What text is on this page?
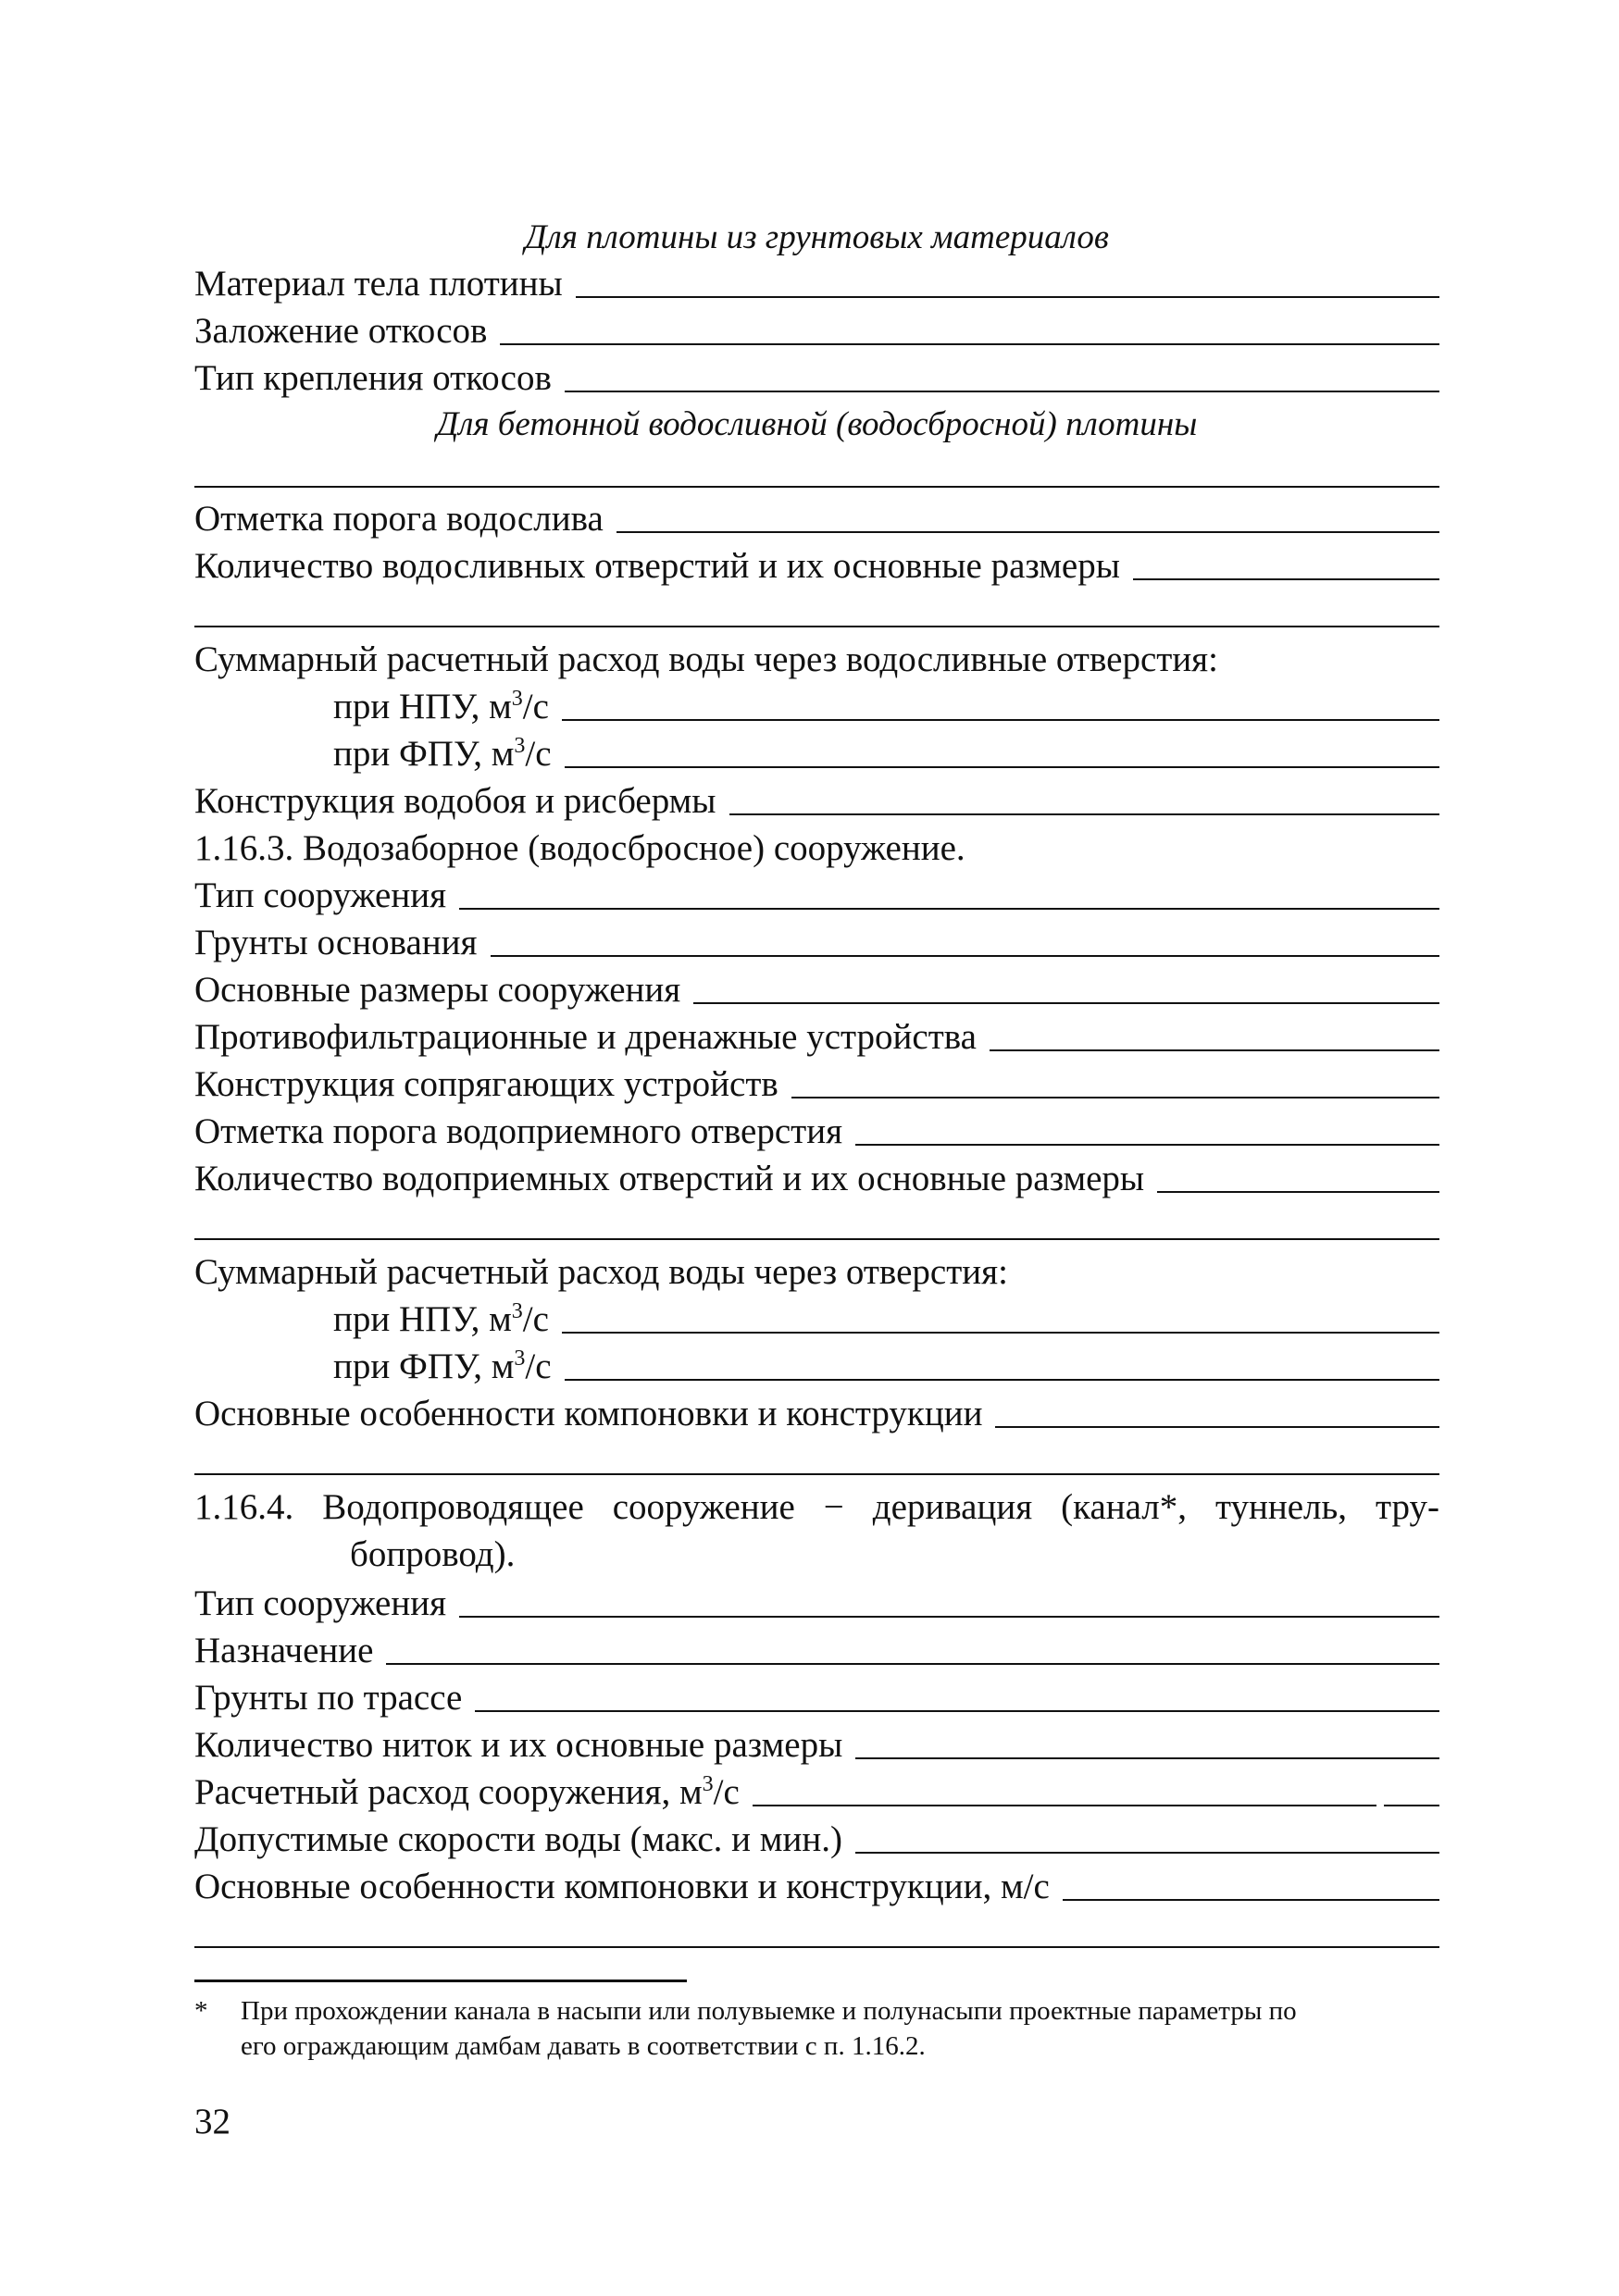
Для плотины из грунтовых материалов
Материал тела плотины
Заложение откосов
Тип крепления откосов
Для бетонной водосливной (водосбросной) плотины
Отметка порога водослива
Количество водосливных отверстий и их основные размеры
Суммарный расчетный расход воды через водосливные отверстия:
при НПУ, $м^3/с$
при ФПУ, $м^3/с$
Конструкция водобоя и рисбермы
1.16.3. Водозаборное (водосбросное) сооружение.
Тип сооружения
Грунты основания
Основные размеры сооружения
Противофильтрационные и дренажные устройства
Конструкция сопрягающих устройств
Отметка порога водоприемного отверстия
Количество водоприемных отверстий и их основные размеры
Суммарный расчетный расход воды через отверстия:
при НПУ, $м^3/с$
при ФПУ, $м^3/с$
Основные особенности компоновки и конструкции
1.16.4. Водопроводящее сооружение − деривация (канал*, туннель, тру-
бопровод).
Тип сооружения
Назначение
Грунты по трассе
Количество ниток и их основные размеры
Расчетный расход сооружения, $м^3/с$
Допустимые скорости воды (макс. и мин.)
Основные особенности компоновки и конструкции, м/с
* При прохождении канала в насыпи или полувыемке и полунасыпи проектные параметры по
его ограждающим дамбам давать в соответствии с п. 1.16.2.
32
